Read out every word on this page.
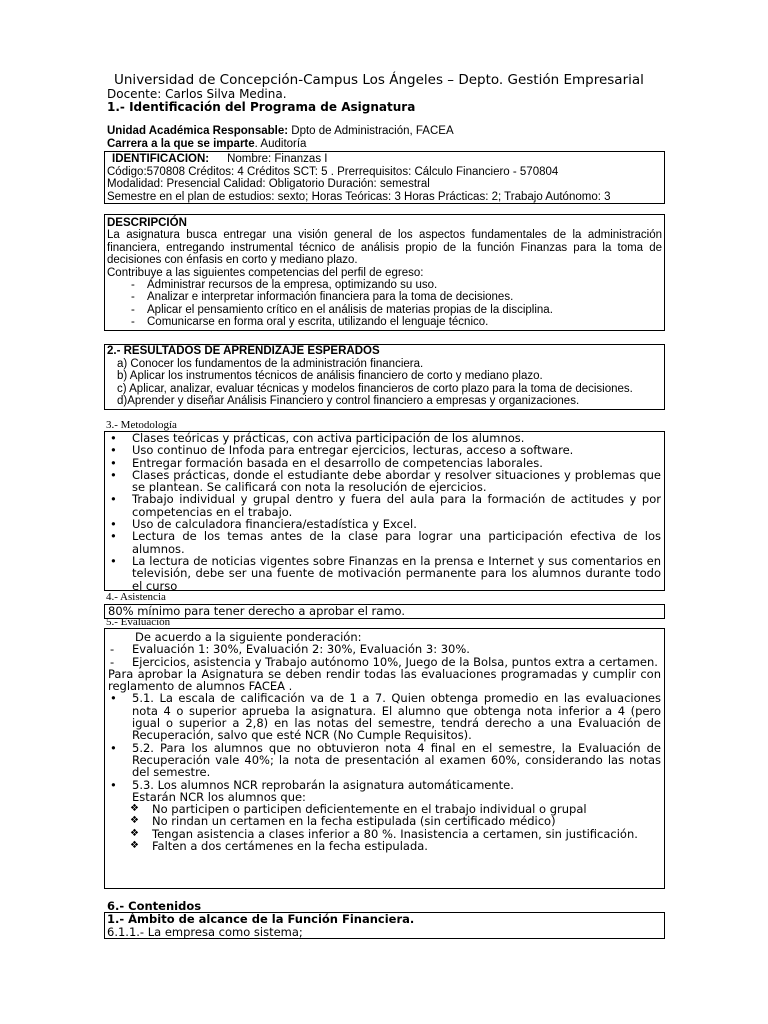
Universidad de Concepción-Campus Los Ángeles – Depto. Gestión Empresarial
Docente: Carlos Silva Medina.
1.- Identificación del Programa de Asignatura
Unidad Académica Responsable: Dpto de Administración, FACEA
Carrera a la que se imparte. Auditoría
IDENTIFICACION: Nombre: Finanzas I
Código:570808 Créditos: 4 Créditos SCT: 5 . Prerrequisitos: Cálculo Financiero - 570804
Modalidad: Presencial Calidad: Obligatorio Duración: semestral
Semestre en el plan de estudios: sexto; Horas Teóricas: 3 Horas Prácticas: 2; Trabajo Autónomo: 3
DESCRIPCIÓN
La asignatura busca entregar una visión general de los aspectos fundamentales de la administración financiera, entregando instrumental técnico de análisis propio de la función Finanzas para la toma de decisiones con énfasis en corto y mediano plazo.
Contribuye a las siguientes competencias del perfil de egreso:
- Administrar recursos de la empresa, optimizando su uso.
- Analizar e interpretar información financiera para la toma de decisiones.
- Aplicar el pensamiento crítico en el análisis de materias propias de la disciplina.
- Comunicarse en forma oral y escrita, utilizando el lenguaje técnico.
2.- RESULTADOS DE APRENDIZAJE ESPERADOS
a) Conocer los fundamentos de la administración financiera.
b) Aplicar los instrumentos técnicos de análisis financiero de corto y mediano plazo.
c) Aplicar, analizar, evaluar técnicas y modelos financieros de corto plazo para la toma de decisiones.
d)Aprender y diseñar Análisis Financiero y control financiero a empresas y organizaciones.
3.- Metodología
• Clases teóricas y prácticas, con activa participación de los alumnos.
• Uso continuo de Infoda para entregar ejercicios, lecturas, acceso a software.
• Entregar formación basada en el desarrollo de competencias laborales.
• Clases prácticas, donde el estudiante debe abordar y resolver situaciones y problemas que se plantean. Se calificará con nota la resolución de ejercicios.
• Trabajo individual y grupal dentro y fuera del aula para la formación de actitudes y por competencias en el trabajo.
• Uso de calculadora financiera/estadística y Excel.
• Lectura de los temas antes de la clase para lograr una participación efectiva de los alumnos.
• La lectura de noticias vigentes sobre Finanzas en la prensa e Internet y sus comentarios en televisión, debe ser una fuente de motivación permanente para los alumnos durante todo el curso
4.- Asistencia
80% mínimo para tener derecho a aprobar el ramo.
5.- Evaluación
De acuerdo a la siguiente ponderación:
- Evaluación 1: 30%, Evaluación 2: 30%, Evaluación 3: 30%.
- Ejercicios, asistencia y Trabajo autónomo 10%, Juego de la Bolsa, puntos extra a certamen.
Para aprobar la Asignatura se deben rendir todas las evaluaciones programadas y cumplir con reglamento de alumnos FACEA .
• 5.1. La escala de calificación va de 1 a 7. Quien obtenga promedio en las evaluaciones nota 4 o superior aprueba la asignatura. El alumno que obtenga nota inferior a 4 (pero igual o superior a 2,8) en las notas del semestre, tendrá derecho a una Evaluación de Recuperación, salvo que esté NCR (No Cumple Requisitos).
• 5.2. Para los alumnos que no obtuvieron nota 4 final en el semestre, la Evaluación de Recuperación vale 40%; la nota de presentación al examen 60%, considerando las notas del semestre.
• 5.3. Los alumnos NCR reprobarán la asignatura automáticamente.
Estarán NCR los alumnos que:
❖ No participen o participen deficientemente en el trabajo individual o grupal
❖ No rindan un certamen en la fecha estipulada (sin certificado médico)
❖ Tengan asistencia a clases inferior a 80 %. Inasistencia a certamen, sin justificación.
❖ Falten a dos certámenes en la fecha estipulada.
6.- Contenidos
1.- Ámbito de alcance de la Función Financiera.
6.1.1.- La empresa como sistema;
